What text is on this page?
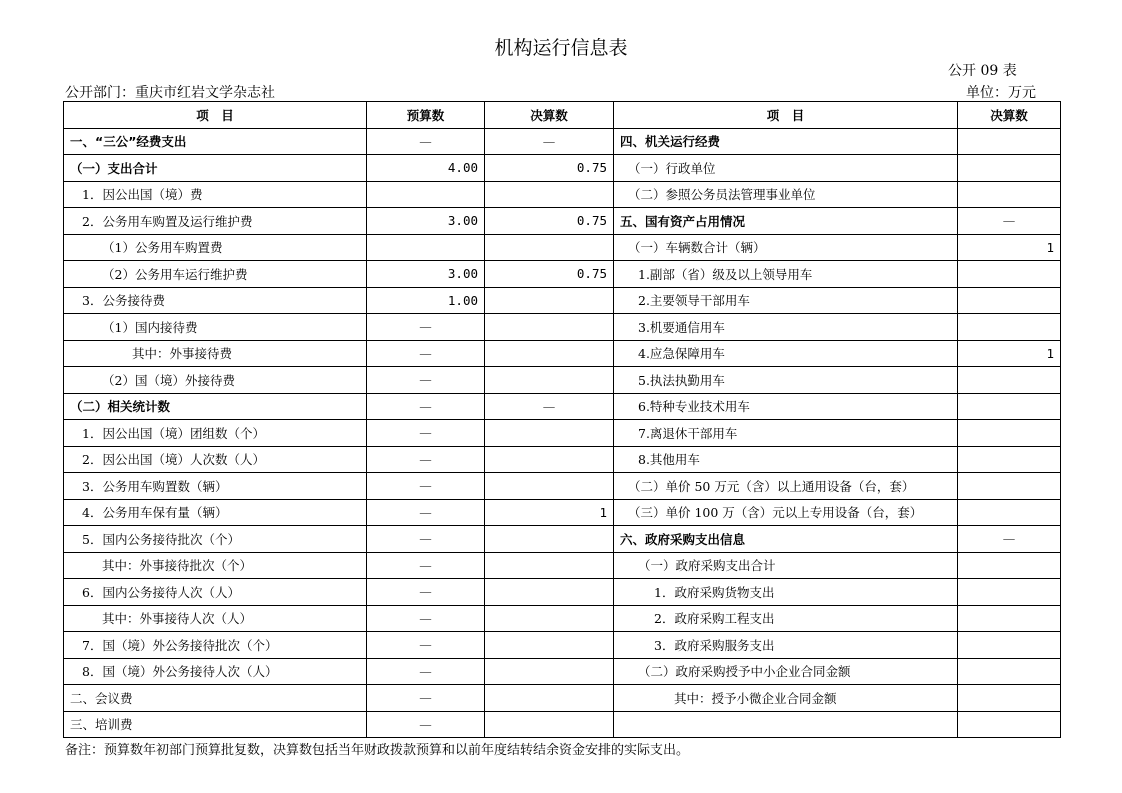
机构运行信息表
公开 09 表
公开部门：重庆市红岩文学杂志社	单位：万元
项　目	预算数	决算数	项　目	决算数
一、“三公”经费支出	—	—	四、机关运行经费	
（一）支出合计	4.00	0.75	（一）行政单位	
1．因公出国（境）费			（二）参照公务员法管理事业单位	
2．公务用车购置及运行维护费	3.00	0.75	五、国有资产占用情况	—
（1）公务用车购置费			（一）车辆数合计（辆）	1
（2）公务用车运行维护费	3.00	0.75	1.副部（省）级及以上领导用车	
3．公务接待费	1.00		2.主要领导干部用车	
（1）国内接待费	—		3.机要通信用车	
其中：外事接待费	—		4.应急保障用车	1
（2）国（境）外接待费	—		5.执法执勤用车	
（二）相关统计数	—	—	6.特种专业技术用车	
1．因公出国（境）团组数（个）	—		7.离退休干部用车	
2．因公出国（境）人次数（人）	—		8.其他用车	
3．公务用车购置数（辆）	—		（二）单价 50 万元（含）以上通用设备（台，套）	
4．公务用车保有量（辆）	—	1	（三）单价 100 万（含）元以上专用设备（台，套）	
5．国内公务接待批次（个）	—		六、政府采购支出信息	—
其中：外事接待批次（个）	—		（一）政府采购支出合计	
6．国内公务接待人次（人）	—		1．政府采购货物支出	
其中：外事接待人次（人）	—		2．政府采购工程支出	
7．国（境）外公务接待批次（个）	—		3．政府采购服务支出	
8．国（境）外公务接待人次（人）	—		（二）政府采购授予中小企业合同金额	
二、会议费	—		其中：授予小微企业合同金额	
三、培训费	—			
备注：预算数年初部门预算批复数，决算数包括当年财政拨款预算和以前年度结转结余资金安排的实际支出。
